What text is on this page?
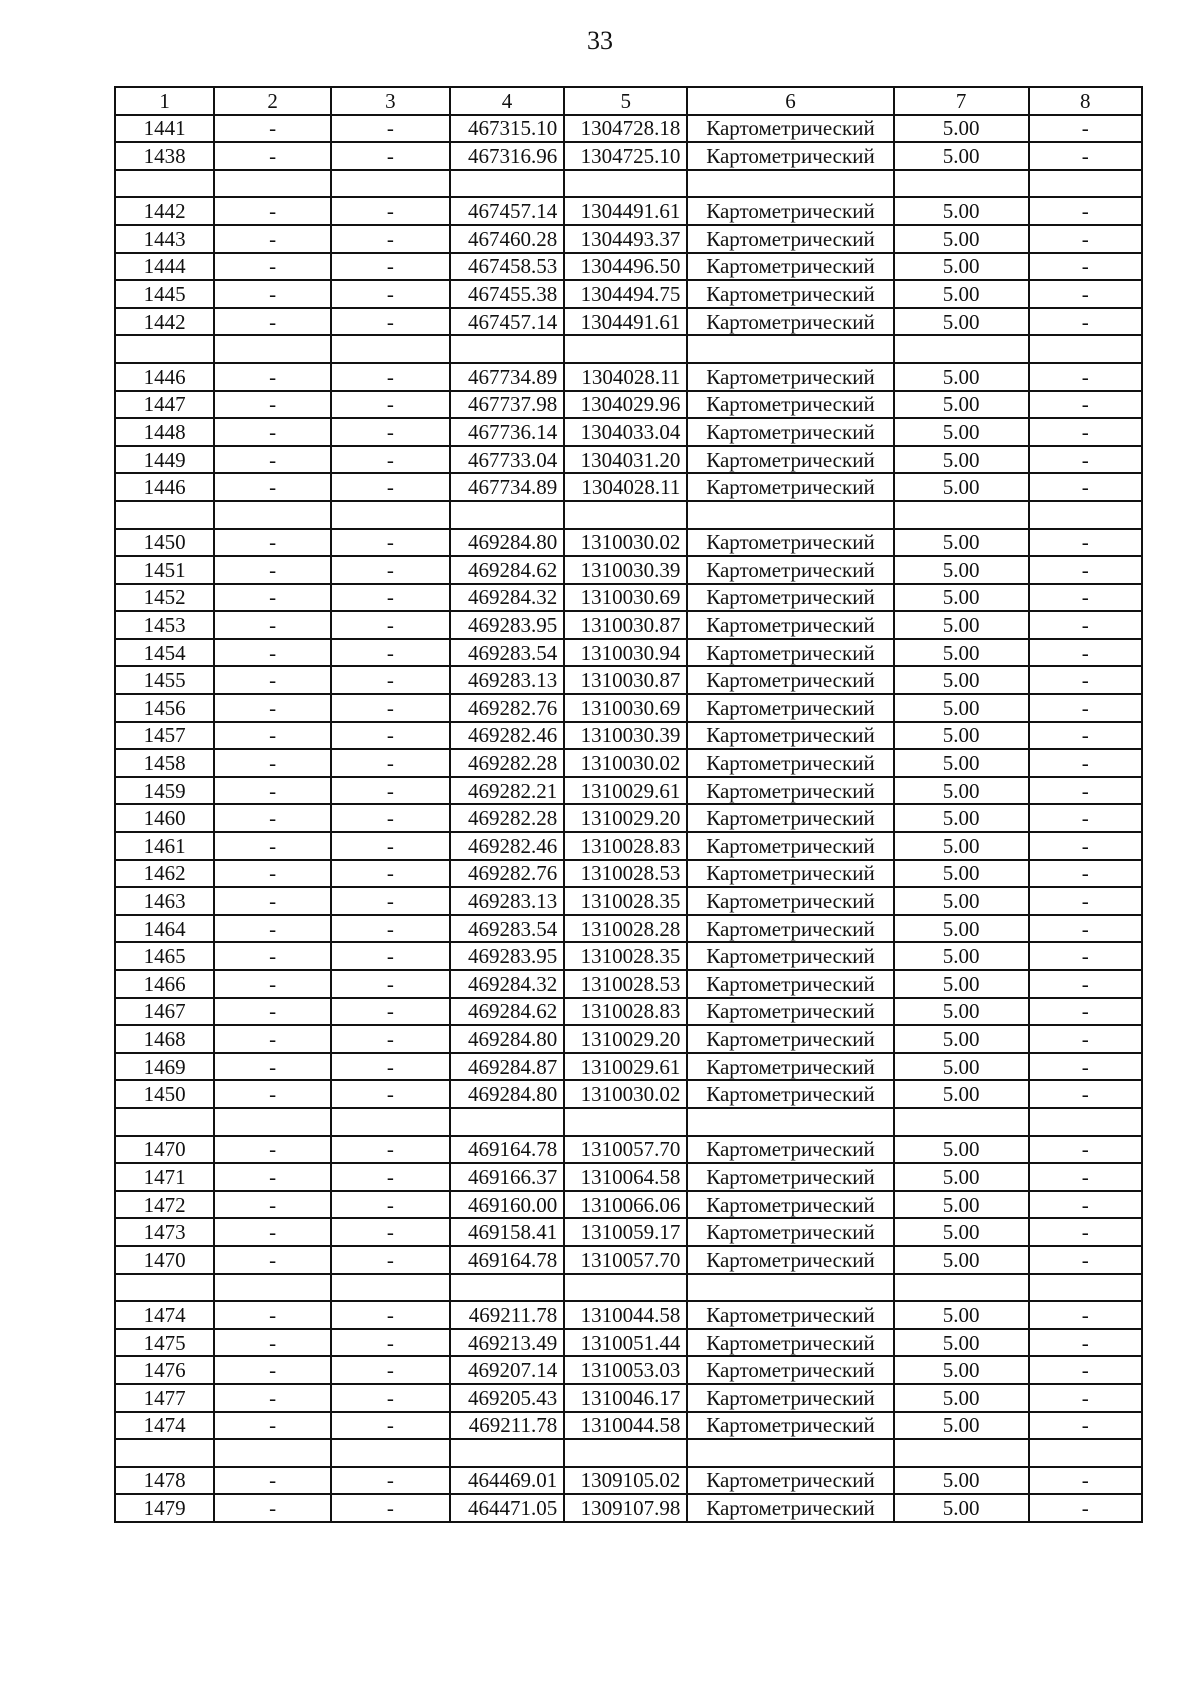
33
1	2	3	4	5	6	7	8
1441	-	-	467315.10	1304728.18	Картометрический	5.00	-
1438	-	-	467316.96	1304725.10	Картометрический	5.00	-

1442	-	-	467457.14	1304491.61	Картометрический	5.00	-
1443	-	-	467460.28	1304493.37	Картометрический	5.00	-
1444	-	-	467458.53	1304496.50	Картометрический	5.00	-
1445	-	-	467455.38	1304494.75	Картометрический	5.00	-
1442	-	-	467457.14	1304491.61	Картометрический	5.00	-

1446	-	-	467734.89	1304028.11	Картометрический	5.00	-
1447	-	-	467737.98	1304029.96	Картометрический	5.00	-
1448	-	-	467736.14	1304033.04	Картометрический	5.00	-
1449	-	-	467733.04	1304031.20	Картометрический	5.00	-
1446	-	-	467734.89	1304028.11	Картометрический	5.00	-

1450	-	-	469284.80	1310030.02	Картометрический	5.00	-
1451	-	-	469284.62	1310030.39	Картометрический	5.00	-
1452	-	-	469284.32	1310030.69	Картометрический	5.00	-
1453	-	-	469283.95	1310030.87	Картометрический	5.00	-
1454	-	-	469283.54	1310030.94	Картометрический	5.00	-
1455	-	-	469283.13	1310030.87	Картометрический	5.00	-
1456	-	-	469282.76	1310030.69	Картометрический	5.00	-
1457	-	-	469282.46	1310030.39	Картометрический	5.00	-
1458	-	-	469282.28	1310030.02	Картометрический	5.00	-
1459	-	-	469282.21	1310029.61	Картометрический	5.00	-
1460	-	-	469282.28	1310029.20	Картометрический	5.00	-
1461	-	-	469282.46	1310028.83	Картометрический	5.00	-
1462	-	-	469282.76	1310028.53	Картометрический	5.00	-
1463	-	-	469283.13	1310028.35	Картометрический	5.00	-
1464	-	-	469283.54	1310028.28	Картометрический	5.00	-
1465	-	-	469283.95	1310028.35	Картометрический	5.00	-
1466	-	-	469284.32	1310028.53	Картометрический	5.00	-
1467	-	-	469284.62	1310028.83	Картометрический	5.00	-
1468	-	-	469284.80	1310029.20	Картометрический	5.00	-
1469	-	-	469284.87	1310029.61	Картометрический	5.00	-
1450	-	-	469284.80	1310030.02	Картометрический	5.00	-

1470	-	-	469164.78	1310057.70	Картометрический	5.00	-
1471	-	-	469166.37	1310064.58	Картометрический	5.00	-
1472	-	-	469160.00	1310066.06	Картометрический	5.00	-
1473	-	-	469158.41	1310059.17	Картометрический	5.00	-
1470	-	-	469164.78	1310057.70	Картометрический	5.00	-

1474	-	-	469211.78	1310044.58	Картометрический	5.00	-
1475	-	-	469213.49	1310051.44	Картометрический	5.00	-
1476	-	-	469207.14	1310053.03	Картометрический	5.00	-
1477	-	-	469205.43	1310046.17	Картометрический	5.00	-
1474	-	-	469211.78	1310044.58	Картометрический	5.00	-

1478	-	-	464469.01	1309105.02	Картометрический	5.00	-
1479	-	-	464471.05	1309107.98	Картометрический	5.00	-
